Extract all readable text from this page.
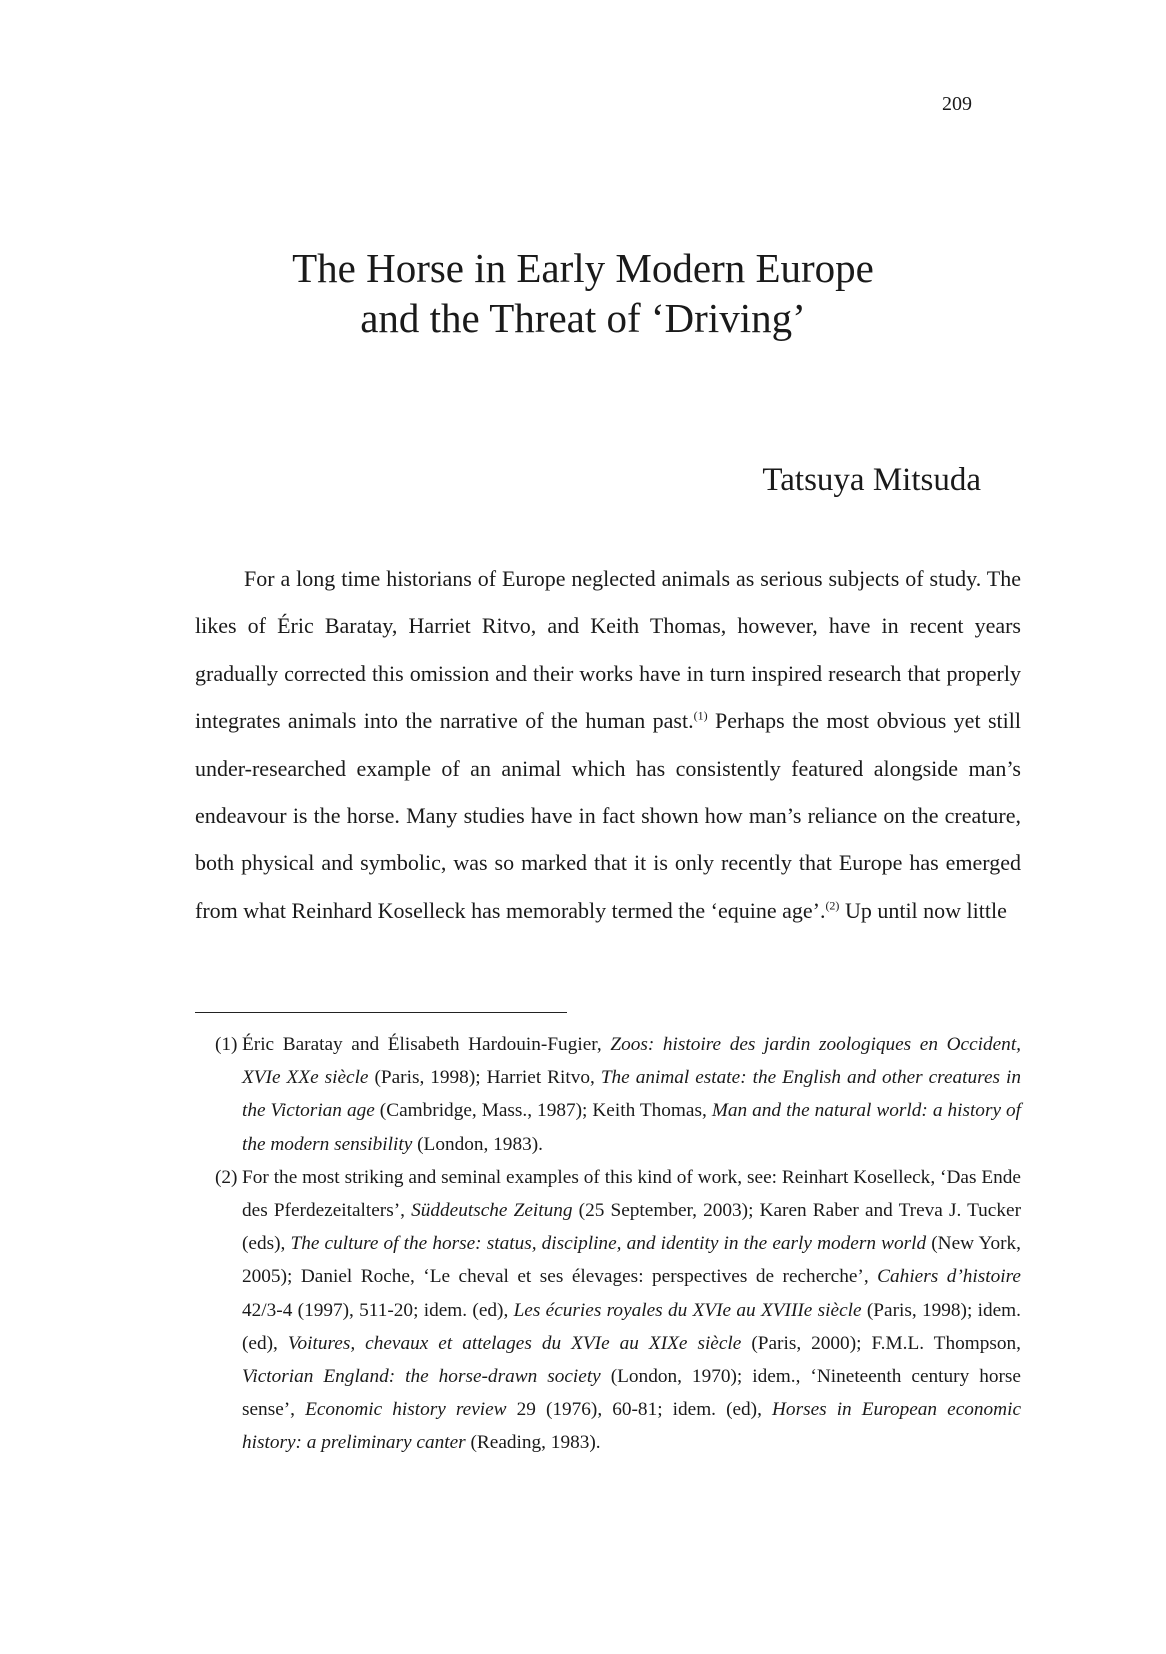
209
The Horse in Early Modern Europe
and the Threat of ‘Driving’
Tatsuya Mitsuda

For a long time historians of Europe neglected animals as serious subjects of study. The likes of Éric Baratay, Harriet Ritvo, and Keith Thomas, however, have in recent years gradually corrected this omission and their works have in turn inspired research that properly integrates animals into the narrative of the human past.$^{(1)}$ Perhaps the most obvious yet still under-researched example of an animal which has consistently featured alongside man’s endeavour is the horse. Many studies have in fact shown how man’s reliance on the creature, both physical and symbolic, was so marked that it is only recently that Europe has emerged from what Reinhard Koselleck has memorably termed the ‘equine age’.$^{(2)}$ Up until now little

(1) Éric Baratay and Élisabeth Hardouin-Fugier, Zoos: histoire des jardin zoologiques en Occident, XVIe XXe siècle (Paris, 1998); Harriet Ritvo, The animal estate: the English and other creatures in the Victorian age (Cambridge, Mass., 1987); Keith Thomas, Man and the natural world: a history of the modern sensibility (London, 1983).
(2) For the most striking and seminal examples of this kind of work, see: Reinhart Koselleck, ‘Das Ende des Pferdezeitalters’, Süddeutsche Zeitung (25 September, 2003); Karen Raber and Treva J. Tucker (eds), The culture of the horse: status, discipline, and identity in the early modern world (New York, 2005); Daniel Roche, ‘Le cheval et ses élevages: perspectives de recherche’, Cahiers d’histoire 42/3-4 (1997), 511-20; idem. (ed), Les écuries royales du XVIe au XVIIIe siècle (Paris, 1998); idem. (ed), Voitures, chevaux et attelages du XVIe au XIXe siècle (Paris, 2000); F.M.L. Thompson, Victorian England: the horse-drawn society (London, 1970); idem., ‘Nineteenth century horse sense’, Economic history review 29 (1976), 60-81; idem. (ed), Horses in European economic history: a preliminary canter (Reading, 1983).
